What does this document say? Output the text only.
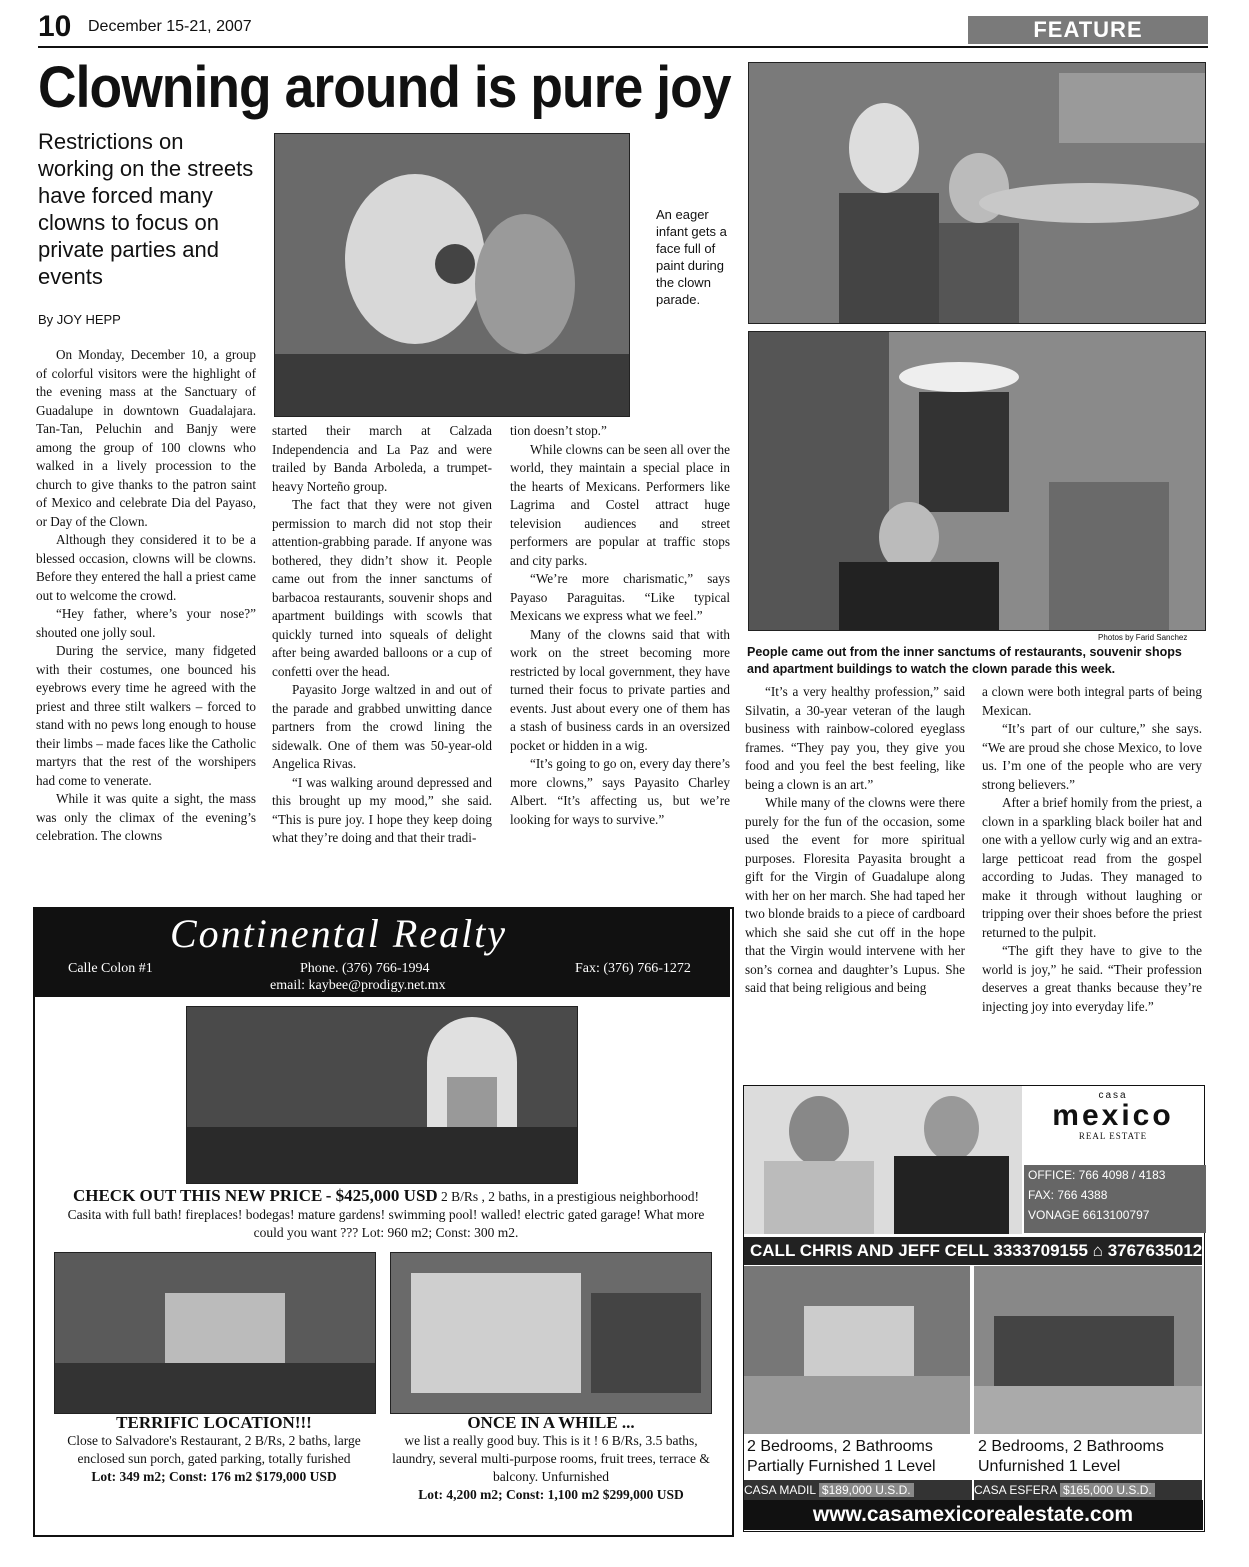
10 December 15-21, 2007	FEATURE
Clowning around is pure joy
Restrictions on working on the streets have forced many clowns to focus on private parties and events
By JOY HEPP
An eager infant gets a face full of paint during the clown parade.
Photos by Farid Sanchez
People came out from the inner sanctums of restaurants, souvenir shops and apartment buildings to watch the clown parade this week.

On Monday, December 10, a group of colorful visitors were the highlight of the evening mass at the Sanctuary of Guadalupe in downtown Guadalajara. Tan-Tan, Peluchin and Banjy were among the group of 100 clowns who walked in a lively procession to the church to give thanks to the patron saint of Mexico and celebrate Dia del Payaso, or Day of the Clown.

Although they considered it to be a blessed occasion, clowns will be clowns. Before they entered the hall a priest came out to welcome the crowd.

“Hey father, where’s your nose?” shouted one jolly soul.

During the service, many fidgeted with their costumes, one bounced his eyebrows every time he agreed with the priest and three stilt walkers – forced to stand with no pews long enough to house their limbs – made faces like the Catholic martyrs that the rest of the worshipers had come to venerate.

While it was quite a sight, the mass was only the climax of the evening’s celebration. The clowns

started their march at Calzada Independencia and La Paz and were trailed by Banda Arboleda, a trumpet-heavy Norteño group.

The fact that they were not given permission to march did not stop their attention-grabbing parade. If anyone was bothered, they didn’t show it. People came out from the inner sanctums of barbacoa restaurants, souvenir shops and apartment buildings with scowls that quickly turned into squeals of delight after being awarded balloons or a cup of confetti over the head.

Payasito Jorge waltzed in and out of the parade and grabbed unwitting dance partners from the crowd lining the sidewalk. One of them was 50-year-old Angelica Rivas.

“I was walking around depressed and this brought up my mood,” she said. “This is pure joy. I hope they keep doing what they’re doing and that their tradi-

tion doesn’t stop.”

While clowns can be seen all over the world, they maintain a special place in the hearts of Mexicans. Performers like Lagrima and Costel attract huge television audiences and street performers are popular at traffic stops and city parks.

“We’re more charismatic,” says Payaso Paraguitas. “Like typical Mexicans we express what we feel.”

Many of the clowns said that with work on the street becoming more restricted by local government, they have turned their focus to private parties and events. Just about every one of them has a stash of business cards in an oversized pocket or hidden in a wig.

“It’s going to go on, every day there’s more clowns,” says Payasito Charley Albert. “It’s affecting us, but we’re looking for ways to survive.”

“It’s a very healthy profession,” said Silvatin, a 30-year veteran of the laugh business with rainbow-colored eyeglass frames. “They pay you, they give you food and you feel the best feeling, like being a clown is an art.”

While many of the clowns were there purely for the fun of the occasion, some used the event for more spiritual purposes. Floresita Payasita brought a gift for the Virgin of Guadalupe along with her on her march. She had taped her two blonde braids to a piece of cardboard which she said she cut off in the hope that the Virgin would intervene with her son’s cornea and daughter’s Lupus. She said that being religious and being

a clown were both integral parts of being Mexican.

“It’s part of our culture,” she says. “We are proud she chose Mexico, to love us. I’m one of the people who are very strong believers.”

After a brief homily from the priest, a clown in a sparkling black boiler hat and one with a yellow curly wig and an extra-large petticoat read from the gospel according to Judas. They managed to make it through without laughing or tripping over their shoes before the priest returned to the pulpit.

“The gift they have to give to the world is joy,” he said. “Their profession deserves a great thanks because they’re injecting joy into everyday life.”

Continental Realty
Calle Colon #1	Phone. (376) 766-1994	Fax: (376) 766-1272
email: kaybee@prodigy.net.mx
CHECK OUT THIS NEW PRICE - $425,000 USD 2 B/Rs , 2 baths, in a prestigious neighborhood! Casita with full bath! fireplaces! bodegas! mature gardens! swimming pool! walled! electric gated garage! What more could you want ??? Lot: 960 m2; Const: 300 m2.
TERRIFIC LOCATION!!!
Close to Salvadore's Restaurant, 2 B/Rs, 2 baths, large enclosed sun porch, gated parking, totally furished
Lot: 349 m2; Const: 176 m2 $179,000 USD
ONCE IN A WHILE ...
we list a really good buy. This is it ! 6 B/Rs, 3.5 baths, laundry, several multi-purpose rooms, fruit trees, terrace & balcony. Unfurnished
Lot: 4,200 m2; Const: 1,100 m2 $299,000 USD
casa
mexico
REAL ESTATE
OFFICE: 766 4098 / 4183
FAX: 766 4388
VONAGE 6613100797
CALL CHRIS AND JEFF CELL 3333709155 ⌂ 3767635012
2 Bedrooms, 2 Bathrooms Partially Furnished 1 Level
2 Bedrooms, 2 Bathrooms Unfurnished 1 Level
CASA MADIL $189,000 U.S.D.	CASA ESFERA $165,000 U.S.D.
www.casamexicorealestate.com
